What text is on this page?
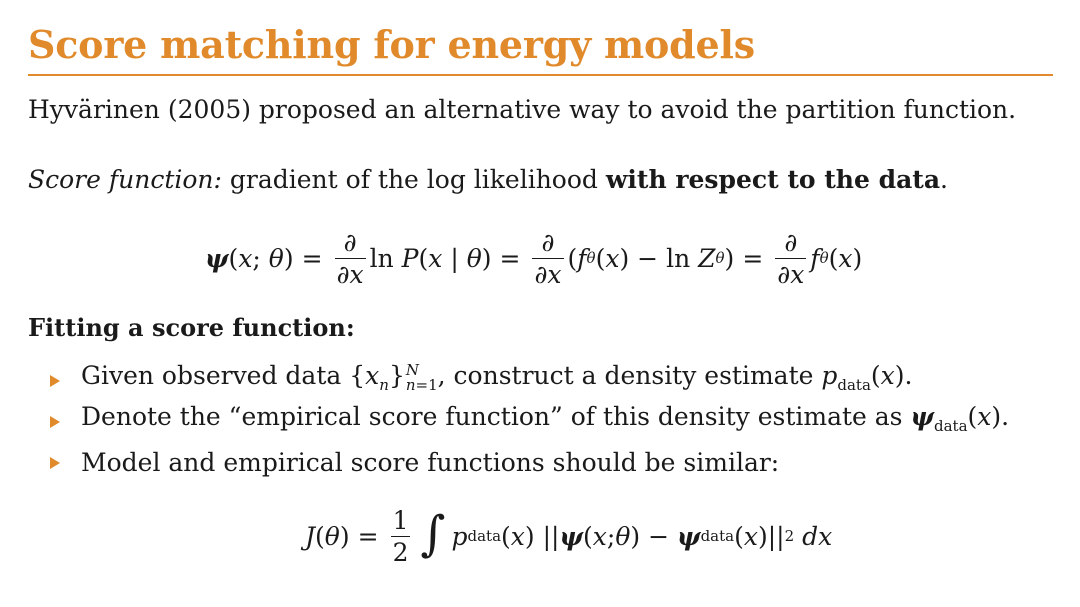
Score matching for energy models
Hyvärinen (2005) proposed an alternative way to avoid the partition function.
Score function: gradient of the log likelihood with respect to the data.
ψ(x; $\theta) = \frac{\partial}{\partial x}$ ln P ( x | θ ) = $\frac{\partial}{\partial x}$ ( f θ ( x )
−
ln Z θ ) = $\frac{\partial}{\partial x}$ f θ ( x )
Fitting a score function:
Given observed data $\{x_n\}$ N
n=1 , construct a density estimate $p_{data}(x)$.
Denote the “empirical score function” of this density estimate as $\psi_{data}(x)$.
Model and empirical score functions should be similar:
J ( θ ) = $\frac{1}{2}$ ∫ p data ( x )
|| ψ ( x ; θ )
−
ψ data ( x ) || 2 dx
